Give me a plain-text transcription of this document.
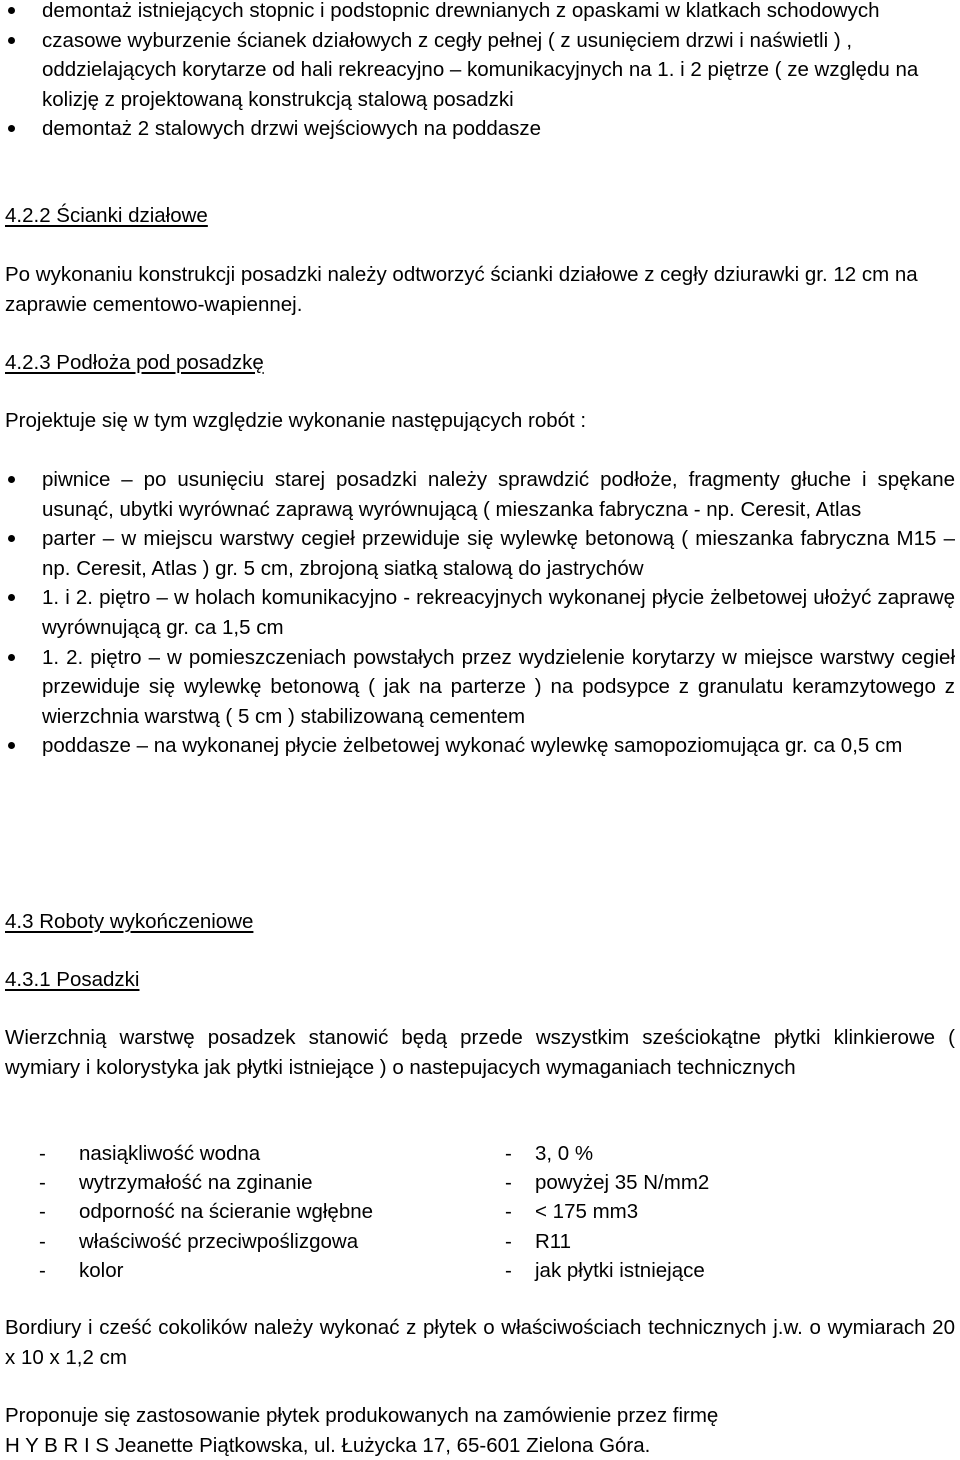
demontaż istniejących stopnic i podstopnic drewnianych z opaskami w klatkach schodowych
czasowe wyburzenie ścianek działowych z cegły pełnej ( z usunięciem drzwi i naświetli ) , oddzielających korytarze od hali rekreacyjno – komunikacyjnych na 1. i 2 piętrze ( ze względu na kolizję z projektowaną konstrukcją stalową posadzki
demontaż 2 stalowych drzwi wejściowych na poddasze

4.2.2 Ścianki działowe

Po wykonaniu konstrukcji posadzki należy odtworzyć ścianki działowe z cegły dziurawki gr. 12 cm na zaprawie cementowo-wapiennej.

4.2.3 Podłoża pod posadzkę

Projektuje się w tym względzie wykonanie następujących robót :

piwnice – po usunięciu starej posadzki należy sprawdzić podłoże, fragmenty głuche i spękane usunąć, ubytki wyrównać zaprawą wyrównującą ( mieszanka fabryczna - np. Ceresit, Atlas
parter – w miejscu warstwy cegieł przewiduje się wylewkę betonową ( mieszanka fabryczna M15 – np. Ceresit, Atlas ) gr. 5 cm, zbrojoną siatką stalową do jastrychów
1. i 2. piętro – w holach komunikacyjno - rekreacyjnych wykonanej płycie żelbetowej ułożyć zaprawę wyrównującą gr. ca 1,5 cm
1. 2. piętro – w pomieszczeniach powstałych przez wydzielenie korytarzy w miejsce warstwy cegieł przewiduje się wylewkę betonową ( jak na parterze ) na podsypce z granulatu keramzytowego z wierzchnia warstwą ( 5 cm ) stabilizowaną cementem
poddasze – na wykonanej płycie żelbetowej wykonać wylewkę samopoziomująca gr. ca 0,5 cm

4.3 Roboty wykończeniowe

4.3.1 Posadzki

Wierzchnią warstwę posadzek stanowić będą przede wszystkim sześciokątne płytki klinkierowe ( wymiary i kolorystyka jak płytki istniejące ) o nastepujacych wymaganiach technicznych

- nasiąkliwość wodna	- 3, 0 %
- wytrzymałość na zginanie	- powyżej 35 N/mm2
- odporność na ścieranie wgłębne	- < 175 mm3
- właściwość przeciwpoślizgowa	- R11
- kolor	- jak płytki istniejące

Bordiury i cześć cokolików należy wykonać z płytek o właściwościach technicznych j.w. o wymiarach 20 x 10 x 1,2 cm

Proponuje się zastosowanie płytek produkowanych na zamówienie przez firmę
H Y B R I S Jeanette Piątkowska, ul. Łużycka 17, 65-601 Zielona Góra.
